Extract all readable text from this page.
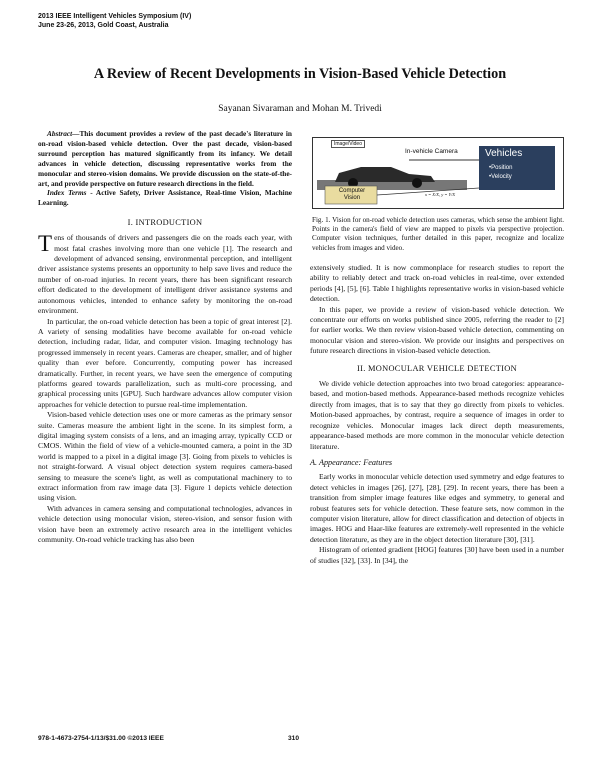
2013 IEEE Intelligent Vehicles Symposium (IV)
June 23-26, 2013, Gold Coast, Australia
A Review of Recent Developments in Vision-Based Vehicle Detection
Sayanan Sivaraman and Mohan M. Trivedi

Abstract—This document provides a review of the past decade's literature in on-road vision-based vehicle detection. Over the past decade, vision-based surround perception has matured significantly from its infancy. We detail advances in vehicle detection, discussing representative works from the monocular and stereo-vision domains. We provide discussion on the state-of-the-art, and provide perspective on future research directions in the field.

Index Terms - Active Safety, Driver Assistance, Real-time Vision, Machine Learning.

I. INTRODUCTION

Tens of thousands of drivers and passengers die on the roads each year, with most fatal crashes involving more than one vehicle [1]. The research and development of advanced sensing, environmental perception, and intelligent driver assistance systems presents an opportunity to help save lives and reduce the number of on-road injuries. In recent years, there has been significant research effort dedicated to the development of intelligent driver assistance systems and autonomous vehicles, intended to enhance safety by monitoring the on-road environment.

In particular, the on-road vehicle detection has been a topic of great interest [2]. A variety of sensing modalities have become available for on-road vehicle detection, including radar, lidar, and computer vision. Imaging technology has progressed immensely in recent years. Cameras are cheaper, smaller, and of higher quality than ever before. Concurrently, computing power has increased dramatically. Further, in recent years, we have seen the emergence of computing platforms geared towards parallelization, such as multi-core processing, and graphical processing units [GPU]. Such hardware advances allow computer vision approaches for vehicle detection to pursue real-time implementation.

Vision-based vehicle detection uses one or more cameras as the primary sensor suite. Cameras measure the ambient light in the scene. In its simplest form, a digital imaging system consists of a lens, and an imaging array, typically CCD or CMOS. Within the field of view of a vehicle-mounted camera, a point in the 3D world is mapped to a pixel in a digital image [3]. Going from pixels to vehicles is not straight-forward. A visual object detection system requires camera-based sensing to measure the scene's light, as well as computational machinery to to extract information from raw image data [3]. Figure 1 depicts vehicle detection using vision.

With advances in camera sensing and computational technologies, advances in vehicle detection using monocular vision, stereo-vision, and sensor fusion with vision have been an extremely active research area in the intelligent vehicles community. On-road vehicle tracking has also been

Image/Video
In-vehicle Camera
Computer Vision
Vehicles
•Position
•Velocity
x = X/X, y = Y/X
Fig. 1. Vision for on-road vehicle detection uses cameras, which sense the ambient light. Points in the camera's field of view are mapped to pixels via perspective projection. Computer vision techniques, further detailed in this paper, recognize and localize vehicles from images and video.

extensively studied. It is now commonplace for research studies to report the ability to reliably detect and track on-road vehicles in real-time, over extended periods [4], [5], [6]. Table I highlights representative works in vision-based vehicle detection.

In this paper, we provide a review of vision-based vehicle detection. We concentrate our efforts on works published since 2005, referring the reader to [2] for earlier works. We then review vision-based vehicle detection, commenting on monocular vision and stereo-vision. We provide our insights and perspectives on future research directions in vision-based vehicle detection.

II. MONOCULAR VEHICLE DETECTION

We divide vehicle detection approaches into two broad categories: appearance-based, and motion-based methods. Appearance-based methods recognize vehicles directly from images, that is to say that they go directly from pixels to vehicles. Motion-based approaches, by contrast, require a sequence of images in order to recognize vehicles. Monocular images lack direct depth measurements, appearance-based methods are more common in the monocular vehicle detection literature.

A. Appearance: Features

Early works in monocular vehicle detection used symmetry and edge features to detect vehicles in images [26], [27], [28], [29]. In recent years, there has been a transition from simpler image features like edges and symmetry, to general and robust features sets for vehicle detection. These feature sets, now common in the computer vision literature, allow for direct classification and detection of objects in images. HOG and Haar-like features are extremely-well represented in the vehicle detection literature, as they are in the object detection literature [30], [31].

Histogram of oriented gradient [HOG] features [30] have been used in a number of studies [32], [33]. In [34], the

978-1-4673-2754-1/13/$31.00 ©2013 IEEE	310
